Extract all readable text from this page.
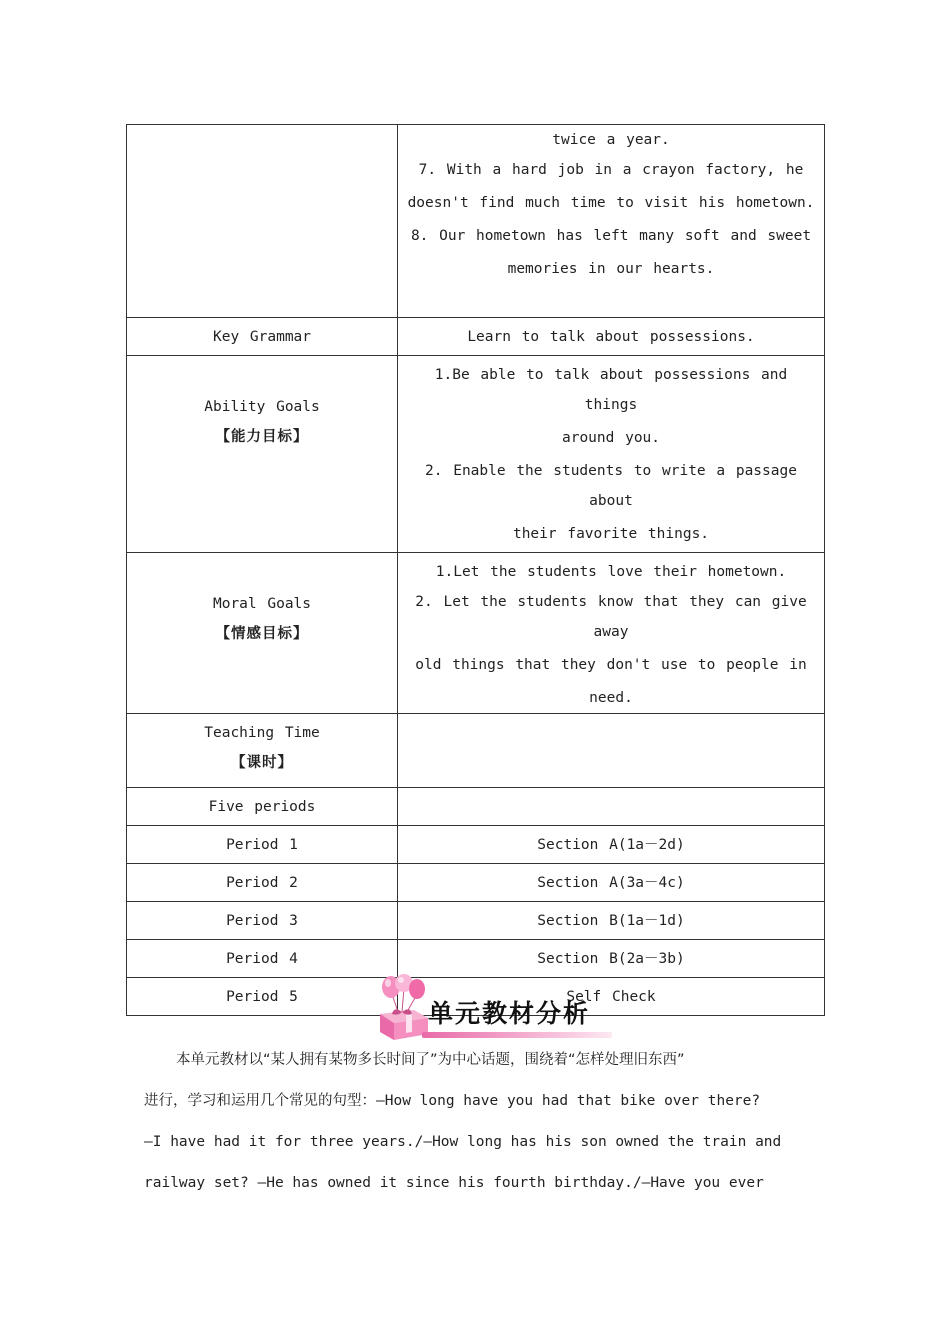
	twice a year.
7. With a hard job in a crayon factory, he
doesn't find much time to visit his hometown.
8. Our hometown has left many soft and sweet
memories in our hearts.

Key Grammar	Learn to talk about possessions.

Ability Goals
【能力目标】	1.Be able to talk about possessions and things
around you.
2. Enable the students to write a passage about
their favorite things.

Moral Goals
【情感目标】	1.Let the students love their hometown.
2. Let the students know that they can give away
old things that they don't use to people in
need.

Teaching Time
【课时】	

Five periods	

Period 1	Section A(1a－2d)

Period 2	Section A(3a－4c)

Period 3	Section B(1a－1d)

Period 4	Section B(2a－3b)

Period 5	Self Check
单元教材分析
本单元教材以“某人拥有某物多长时间了”为中心话题，围绕着“怎样处理旧东西”
进行，学习和运用几个常见的句型：—How long have you had that bike over there?
—I have had it for three years./—How long has his son owned the train and
railway set? —He has owned it since his fourth birthday./—Have you ever
